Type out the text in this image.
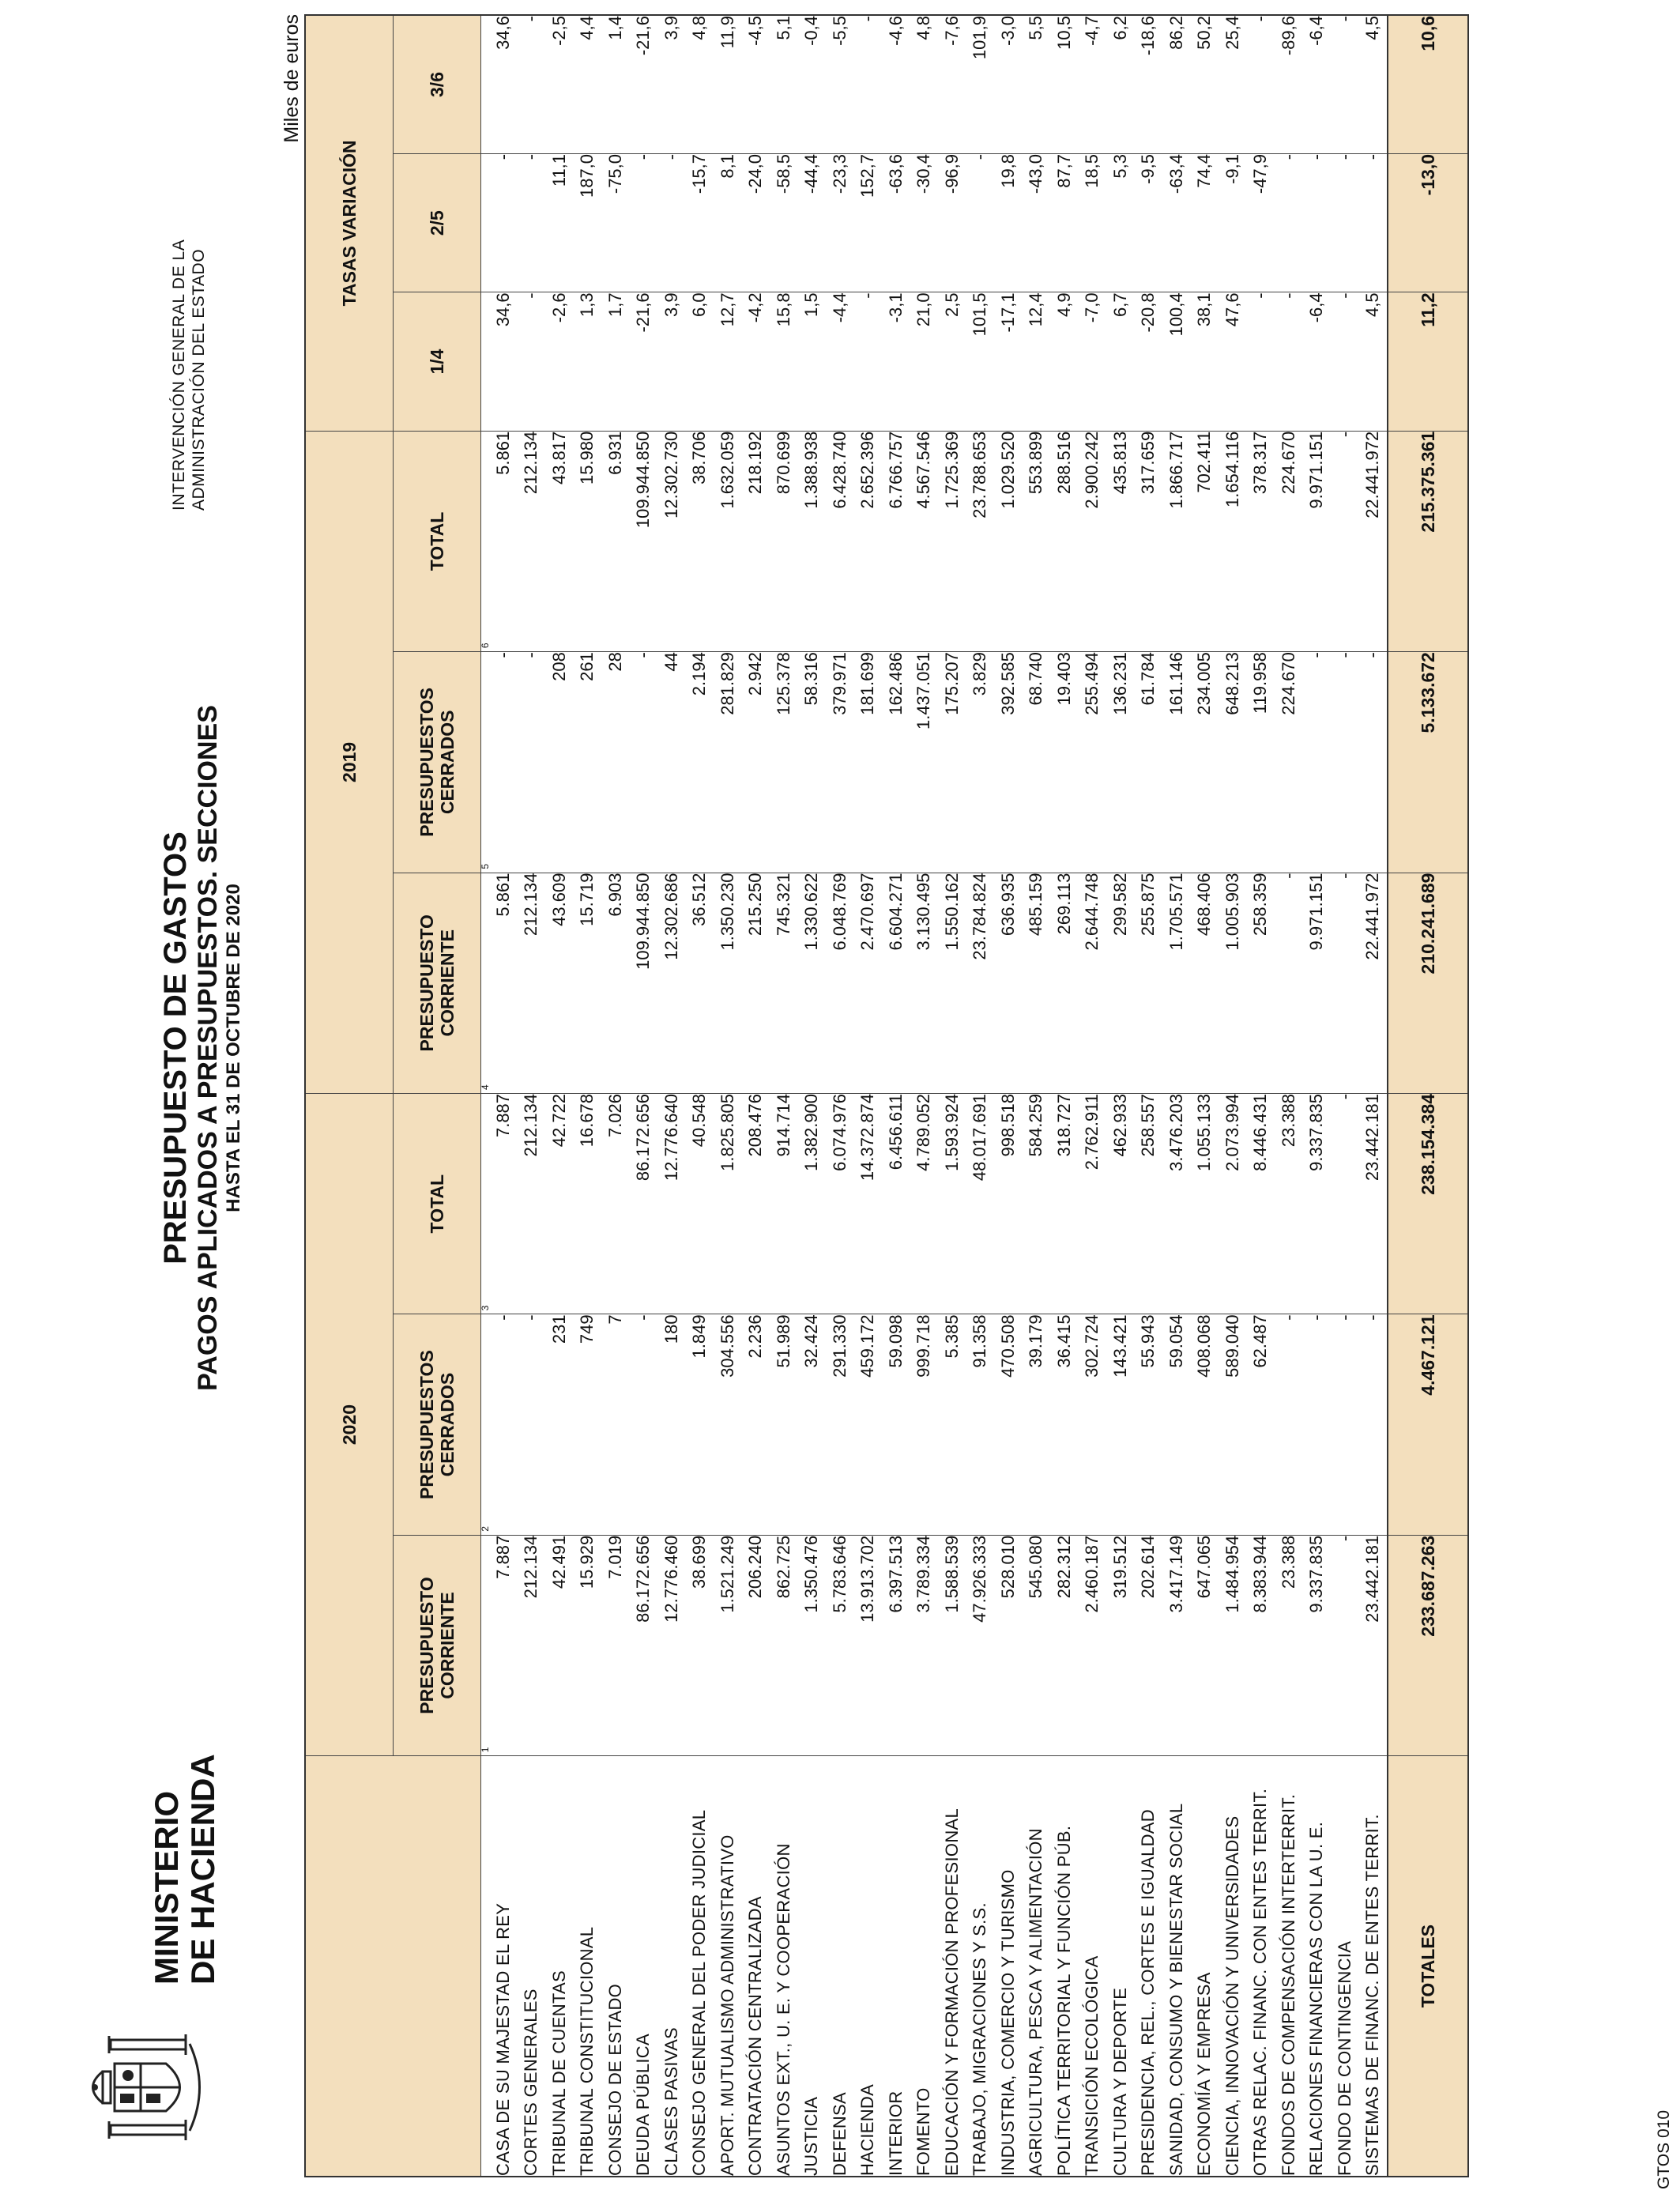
MINISTERIO DE HACIENDA
PRESUPUESTO DE GASTOS PAGOS APLICADOS A PRESUPUESTOS. SECCIONES HASTA EL 31 DE OCTUBRE DE 2020
INTERVENCIÓN GENERAL DE LA ADMINISTRACIÓN DEL ESTADO
Miles de euros
	2020			2019			TASAS VARIACIÓN		
	PRESUPUESTO
CORRIENTE	PRESUPUESTOS
CERRADOS	TOTAL	PRESUPUESTO
CORRIENTE	PRESUPUESTOS
CERRADOS	TOTAL	1/4	2/5	3/6

	1	2	3	4	5	6			

CASA DE SU MAJESTAD EL REY	7.887	-	7.887	5.861	-	5.861	34,6	-	34,6
CORTES GENERALES	212.134	-	212.134	212.134	-	212.134	-	-	-
TRIBUNAL DE CUENTAS	42.491	231	42.722	43.609	208	43.817	-2,6	11,1	-2,5
TRIBUNAL CONSTITUCIONAL	15.929	749	16.678	15.719	261	15.980	1,3	187,0	4,4
CONSEJO DE ESTADO	7.019	7	7.026	6.903	28	6.931	1,7	-75,0	1,4
DEUDA PÚBLICA	86.172.656	-	86.172.656	109.944.850	-	109.944.850	-21,6	-	-21,6
CLASES PASIVAS	12.776.460	180	12.776.640	12.302.686	44	12.302.730	3,9	-	3,9
CONSEJO GENERAL DEL PODER JUDICIAL	38.699	1.849	40.548	36.512	2.194	38.706	6,0	-15,7	4,8
APORT. MUTUALISMO ADMINISTRATIVO	1.521.249	304.556	1.825.805	1.350.230	281.829	1.632.059	12,7	8,1	11,9
CONTRATACIÓN CENTRALIZADA	206.240	2.236	208.476	215.250	2.942	218.192	-4,2	-24,0	-4,5
ASUNTOS EXT., U. E. Y COOPERACIÓN	862.725	51.989	914.714	745.321	125.378	870.699	15,8	-58,5	5,1
JUSTICIA	1.350.476	32.424	1.382.900	1.330.622	58.316	1.388.938	1,5	-44,4	-0,4
DEFENSA	5.783.646	291.330	6.074.976	6.048.769	379.971	6.428.740	-4,4	-23,3	-5,5
HACIENDA	13.913.702	459.172	14.372.874	2.470.697	181.699	2.652.396	-	152,7	-
INTERIOR	6.397.513	59.098	6.456.611	6.604.271	162.486	6.766.757	-3,1	-63,6	-4,6
FOMENTO	3.789.334	999.718	4.789.052	3.130.495	1.437.051	4.567.546	21,0	-30,4	4,8
EDUCACIÓN Y FORMACIÓN PROFESIONAL	1.588.539	5.385	1.593.924	1.550.162	175.207	1.725.369	2,5	-96,9	-7,6
TRABAJO, MIGRACIONES Y S.S.	47.926.333	91.358	48.017.691	23.784.824	3.829	23.788.653	101,5	-	101,9
INDUSTRIA, COMERCIO Y TURISMO	528.010	470.508	998.518	636.935	392.585	1.029.520	-17,1	19,8	-3,0
AGRICULTURA, PESCA Y ALIMENTACIÓN	545.080	39.179	584.259	485.159	68.740	553.899	12,4	-43,0	5,5
POLÍTICA TERRITORIAL Y FUNCIÓN PÚB.	282.312	36.415	318.727	269.113	19.403	288.516	4,9	87,7	10,5
TRANSICIÓN ECOLÓGICA	2.460.187	302.724	2.762.911	2.644.748	255.494	2.900.242	-7,0	18,5	-4,7
CULTURA Y DEPORTE	319.512	143.421	462.933	299.582	136.231	435.813	6,7	5,3	6,2
PRESIDENCIA, REL., CORTES E IGUALDAD	202.614	55.943	258.557	255.875	61.784	317.659	-20,8	-9,5	-18,6
SANIDAD, CONSUMO Y BIENESTAR SOCIAL	3.417.149	59.054	3.476.203	1.705.571	161.146	1.866.717	100,4	-63,4	86,2
ECONOMÍA Y EMPRESA	647.065	408.068	1.055.133	468.406	234.005	702.411	38,1	74,4	50,2
CIENCIA, INNOVACIÓN Y UNIVERSIDADES	1.484.954	589.040	2.073.994	1.005.903	648.213	1.654.116	47,6	-9,1	25,4
OTRAS RELAC. FINANC. CON ENTES TERRIT.	8.383.944	62.487	8.446.431	258.359	119.958	378.317	-	-47,9	-
FONDOS DE COMPENSACIÓN INTERTERRIT.	23.388	-	23.388	-	224.670	224.670	-	-	-89,6
RELACIONES FINANCIERAS CON LA U. E.	9.337.835	-	9.337.835	9.971.151	-	9.971.151	-6,4	-	-6,4
FONDO DE CONTINGENCIA	-	-	-	-	-	-	-	-	-
SISTEMAS DE FINANC. DE ENTES TERRIT.	23.442.181	-	23.442.181	22.441.972	-	22.441.972	4,5	-	4,5
TOTALES	233.687.263	4.467.121	238.154.384	210.241.689	5.133.672	215.375.361	11,2	-13,0	10,6
GTOS 010
